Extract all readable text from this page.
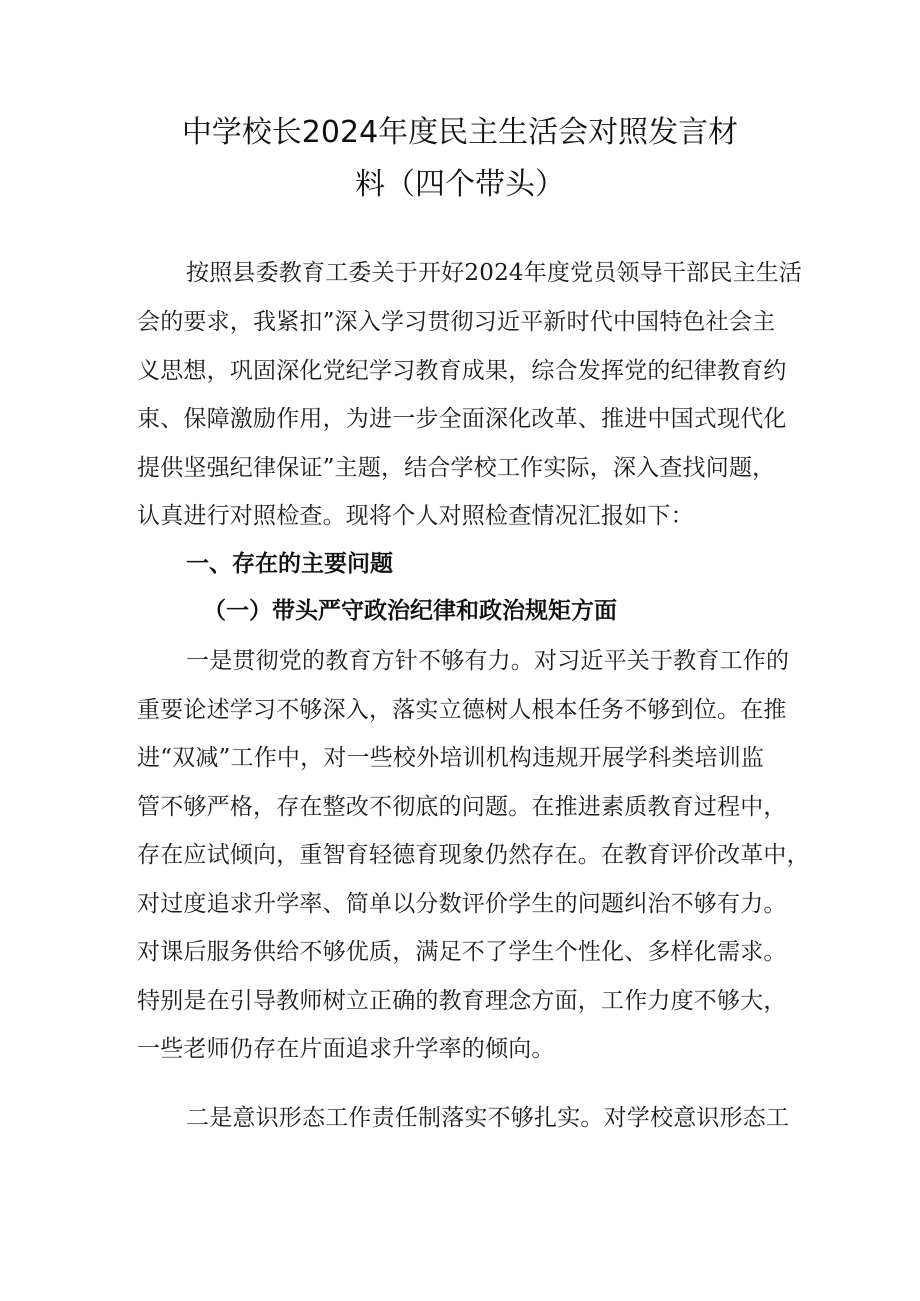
中学校长2024年度民主生活会对照发言材
料（四个带头）
按照县委教育工委关于开好2024年度党员领导干部民主生活
会的要求，我紧扣”深入学习贯彻习近平新时代中国特色社会主
义思想，巩固深化党纪学习教育成果，综合发挥党的纪律教育约
束、保障激励作用，为进一步全面深化改革、推进中国式现代化
提供坚强纪律保证”主题，结合学校工作实际，深入查找问题，
认真进行对照检查。现将个人对照检查情况汇报如下：
一、存在的主要问题
（一）带头严守政治纪律和政治规矩方面
一是贯彻党的教育方针不够有力。对习近平关于教育工作的
重要论述学习不够深入，落实立德树人根本任务不够到位。在推
进“双减”工作中，对一些校外培训机构违规开展学科类培训监
管不够严格，存在整改不彻底的问题。在推进素质教育过程中，
存在应试倾向，重智育轻德育现象仍然存在。在教育评价改革中，
对过度追求升学率、简单以分数评价学生的问题纠治不够有力。
对课后服务供给不够优质，满足不了学生个性化、多样化需求。
特别是在引导教师树立正确的教育理念方面，工作力度不够大，
一些老师仍存在片面追求升学率的倾向。
二是意识形态工作责任制落实不够扎实。对学校意识形态工
